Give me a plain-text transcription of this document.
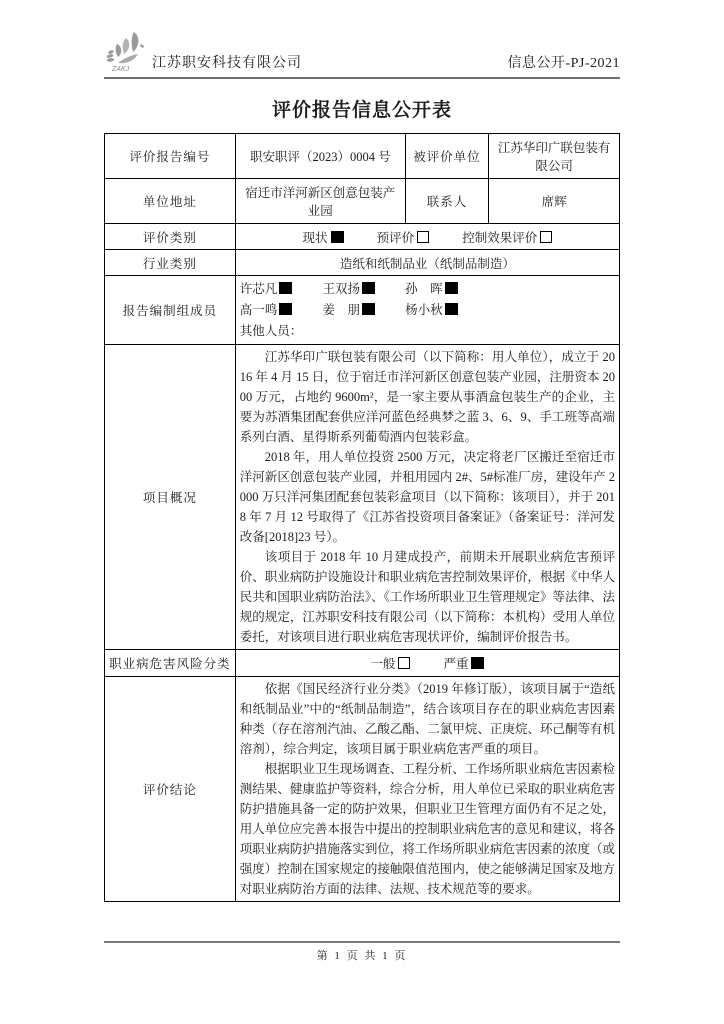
ZAKJ 江苏职安科技有限公司	信息公开-PJ-2021
评价报告信息公开表
评价报告编号	职安职评（2023）0004 号	被评价单位	江苏华印广联包装有限公司
单位地址	宿迁市洋河新区创意包装产业园	联系人	席辉
评价类别	现状 预评价 控制效果评价		
行业类别	造纸和纸制品业（纸制品制造）		
报告编制组成员	许芯凡 王双扬 孙　晖
高一鸣 姜　朋 杨小秋
其他人员：		

项目概况	江苏华印广联包装有限公司（以下简称：用人单位），成立于 2016 年 4 月 15 日，位于宿迁市洋河新区创意包装产业园，注册资本 2000 万元，占地约 9600m²，是一家主要从事酒盒包装生产的企业，主要为苏酒集团配套供应洋河蓝色经典梦之蓝 3、6、9、手工班等高端系列白酒、星得斯系列葡萄酒内包装彩盒。

2018 年，用人单位投资 2500 万元，决定将老厂区搬迁至宿迁市洋河新区创意包装产业园，并租用园内 2#、5#标准厂房，建设年产 2000 万只洋河集团配套包装彩盒项目（以下简称：该项目），并于 2018 年 7 月 12 号取得了《江苏省投资项目备案证》（备案证号：洋河发改备[2018]23 号）。

该项目于 2018 年 10 月建成投产，前期未开展职业病危害预评价、职业病防护设施设计和职业病危害控制效果评价，根据《中华人民共和国职业病防治法》、《工作场所职业卫生管理规定》等法律、法规的规定，江苏职安科技有限公司（以下简称：本机构）受用人单位委托，对该项目进行职业病危害现状评价，编制评价报告书。		

职业病危害风险分类	一般 严重		
评价结论	依据《国民经济行业分类》（2019 年修订版），该项目属于“造纸和纸制品业”中的“纸制品制造”，结合该项目存在的职业病危害因素种类（存在溶剂汽油、乙酸乙酯、二氯甲烷、正庚烷、环己酮等有机溶剂），综合判定，该项目属于职业病危害严重的项目。

根据职业卫生现场调查、工程分析、工作场所职业病危害因素检测结果、健康监护等资料，综合分析，用人单位已采取的职业病危害防护措施具备一定的防护效果，但职业卫生管理方面仍有不足之处，用人单位应完善本报告中提出的控制职业病危害的意见和建议，将各项职业病防护措施落实到位，将工作场所职业病危害因素的浓度（或强度）控制在国家规定的接触限值范围内，使之能够满足国家及地方对职业病防治方面的法律、法规、技术规范等的要求。		

第 1 页 共 1 页
